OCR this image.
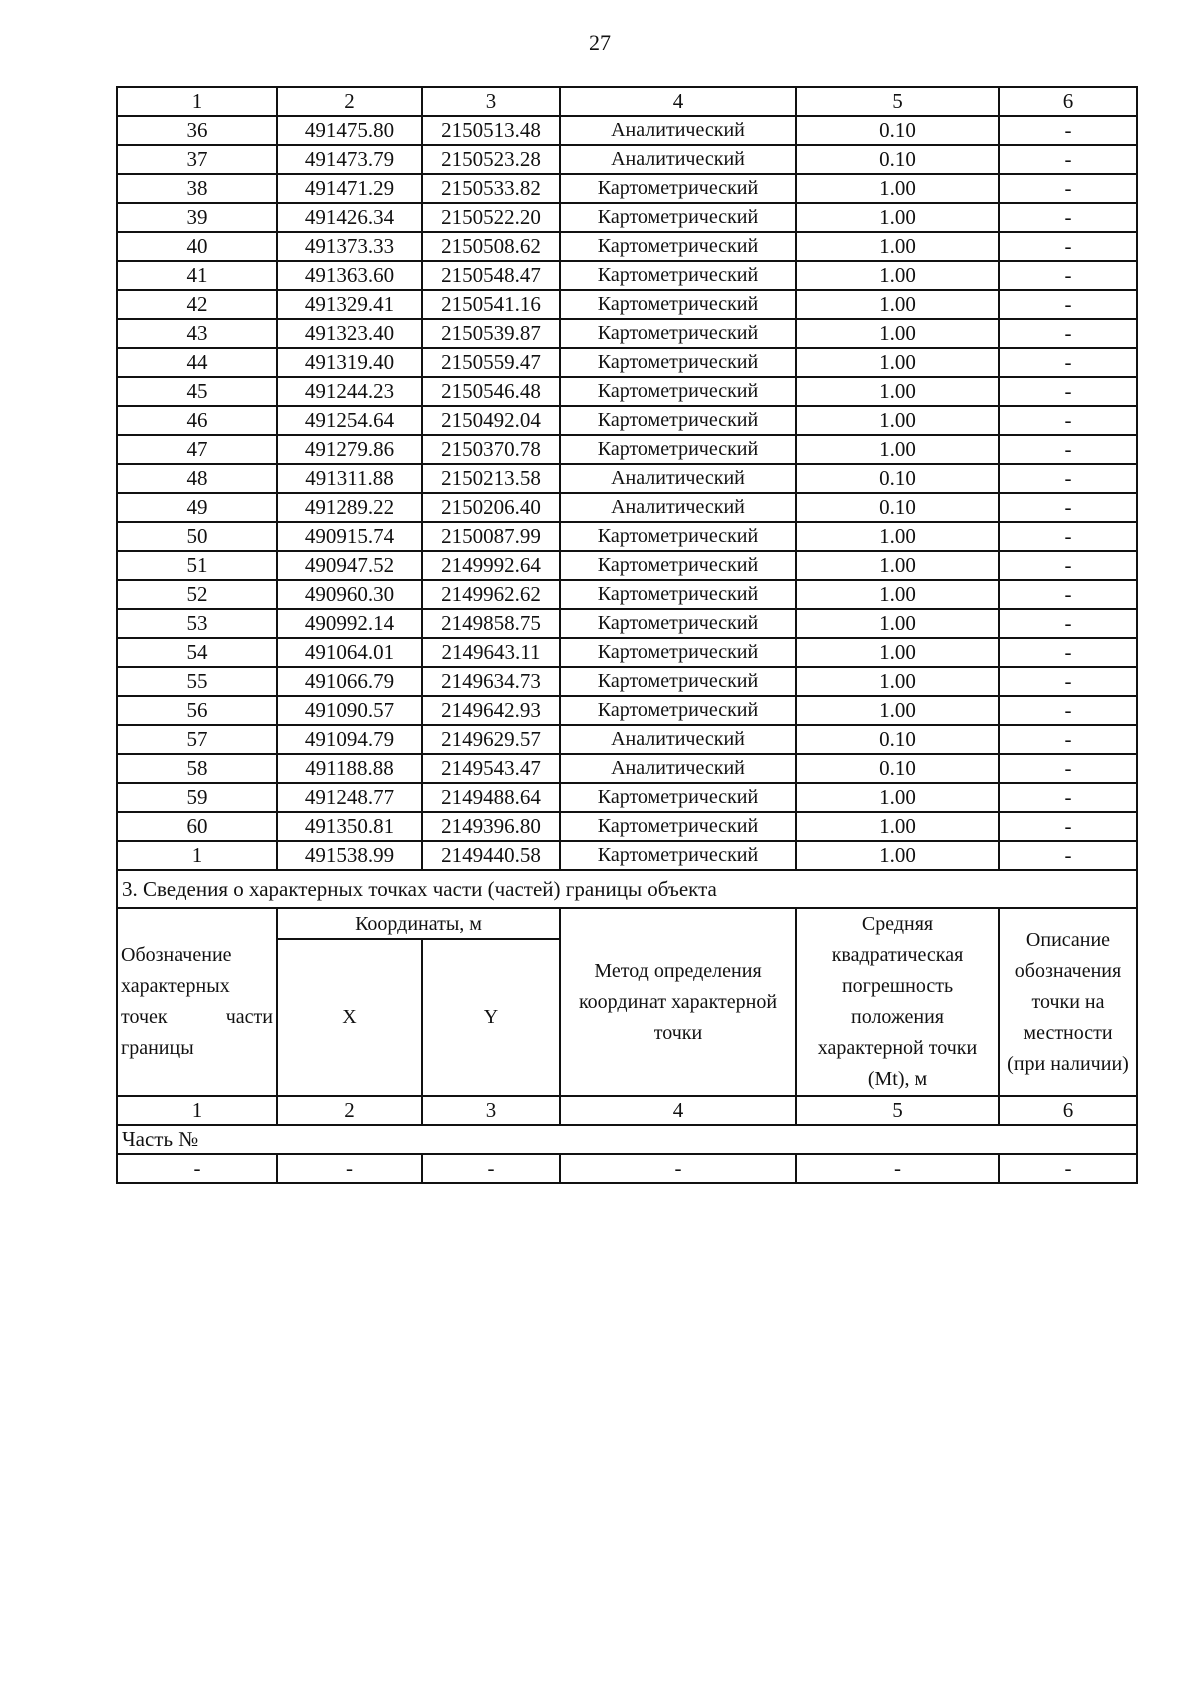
27
1	2	3	4	5	6
36	491475.80	2150513.48	Аналитический	0.10	-
37	491473.79	2150523.28	Аналитический	0.10	-
38	491471.29	2150533.82	Картометрический	1.00	-
39	491426.34	2150522.20	Картометрический	1.00	-
40	491373.33	2150508.62	Картометрический	1.00	-
41	491363.60	2150548.47	Картометрический	1.00	-
42	491329.41	2150541.16	Картометрический	1.00	-
43	491323.40	2150539.87	Картометрический	1.00	-
44	491319.40	2150559.47	Картометрический	1.00	-
45	491244.23	2150546.48	Картометрический	1.00	-
46	491254.64	2150492.04	Картометрический	1.00	-
47	491279.86	2150370.78	Картометрический	1.00	-
48	491311.88	2150213.58	Аналитический	0.10	-
49	491289.22	2150206.40	Аналитический	0.10	-
50	490915.74	2150087.99	Картометрический	1.00	-
51	490947.52	2149992.64	Картометрический	1.00	-
52	490960.30	2149962.62	Картометрический	1.00	-
53	490992.14	2149858.75	Картометрический	1.00	-
54	491064.01	2149643.11	Картометрический	1.00	-
55	491066.79	2149634.73	Картометрический	1.00	-
56	491090.57	2149642.93	Картометрический	1.00	-
57	491094.79	2149629.57	Аналитический	0.10	-
58	491188.88	2149543.47	Аналитический	0.10	-
59	491248.77	2149488.64	Картометрический	1.00	-
60	491350.81	2149396.80	Картометрический	1.00	-
1	491538.99	2149440.58	Картометрический	1.00	-
3. Сведения о характерных точках части (частей) границы объекта					
Обозначение характерных точек части границы	Координаты, м		Метод определения координат характерной точки	Средняя квадратическая погрешность положения характерной точки (Mt), м	Описание обозначения точки на местности (при наличии)
	X	Y			
1	2	3	4	5	6
Часть №					
-	-	-	-	-	-
